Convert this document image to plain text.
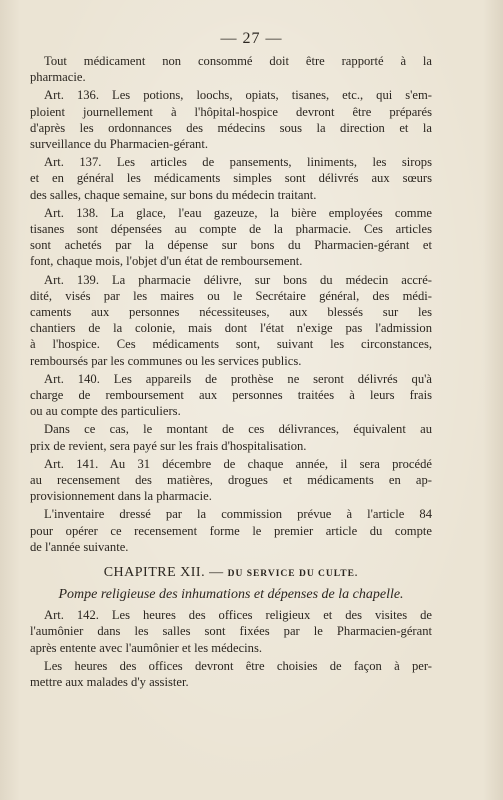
— 27 —

Tout médicament non consommé doit être rapporté à la
pharmacie.

Art. 136. Les potions, loochs, opiats, tisanes, etc., qui s'em-
ploient journellement à l'hôpital-hospice devront être préparés
d'après les ordonnances des médecins sous la direction et la
surveillance du Pharmacien-gérant.

Art. 137. Les articles de pansements, liniments, les sirops
et en général les médicaments simples sont délivrés aux sœurs
des salles, chaque semaine, sur bons du médecin traitant.

Art. 138. La glace, l'eau gazeuze, la bière employées comme
tisanes sont dépensées au compte de la pharmacie. Ces articles
sont achetés par la dépense sur bons du Pharmacien-gérant et
font, chaque mois, l'objet d'un état de remboursement.

Art. 139. La pharmacie délivre, sur bons du médecin accré-
dité, visés par les maires ou le Secrétaire général, des médi-
caments aux personnes nécessiteuses, aux blessés sur les
chantiers de la colonie, mais dont l'état n'exige pas l'admission
à l'hospice. Ces médicaments sont, suivant les circonstances,
remboursés par les communes ou les services publics.

Art. 140. Les appareils de prothèse ne seront délivrés qu'à
charge de remboursement aux personnes traitées à leurs frais
ou au compte des particuliers.

Dans ce cas, le montant de ces délivrances, équivalent au
prix de revient, sera payé sur les frais d'hospitalisation.

Art. 141. Au 31 décembre de chaque année, il sera procédé
au recensement des matières, drogues et médicaments en ap-
provisionnement dans la pharmacie.

L'inventaire dressé par la commission prévue à l'article 84
pour opérer ce recensement forme le premier article du compte
de l'année suivante.

CHAPITRE XII. — DU SERVICE DU CULTE.
Pompe religieuse des inhumations et dépenses de la chapelle.

Art. 142. Les heures des offices religieux et des visites de
l'aumônier dans les salles sont fixées par le Pharmacien-gérant
après entente avec l'aumônier et les médecins.

Les heures des offices devront être choisies de façon à per-
mettre aux malades d'y assister.
